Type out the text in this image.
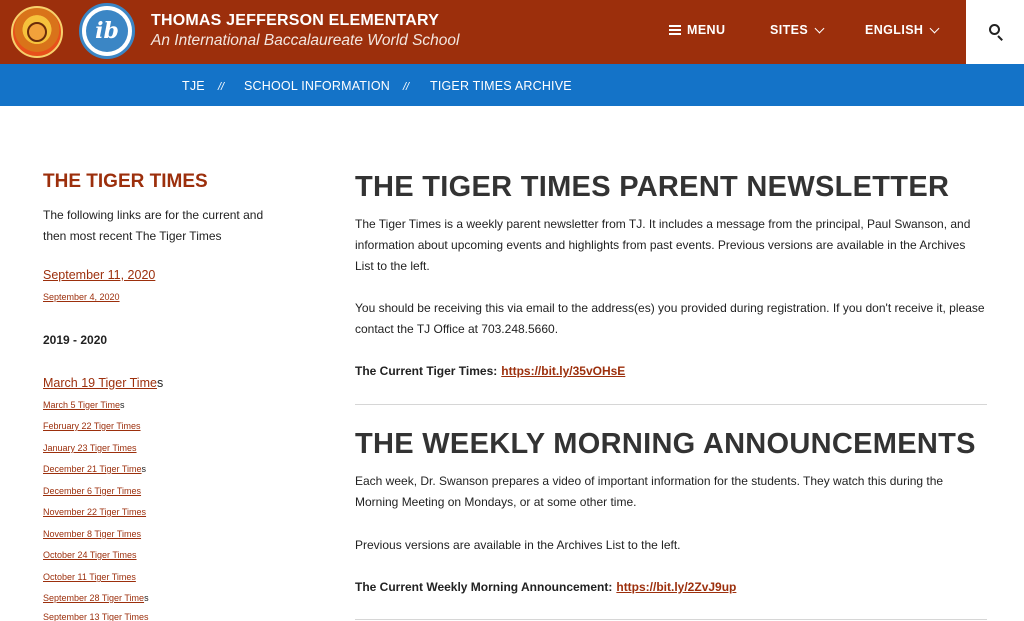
ib	THOMAS JEFFERSON ELEMENTARY
An International Baccalaureate World School
MENU	SITES	ENGLISH
TJE // SCHOOL INFORMATION // TIGER TIMES ARCHIVE
THE TIGER TIMES
The following links are for the current and then most recent The Tiger Times
September 11, 2020
September 4, 2020
2019 - 2020
March 19 Tiger Times
March 5 Tiger Times
February 22 Tiger Times
January 23 Tiger Times
December 21 Tiger Times
December 6 Tiger Times
November 22 Tiger Times
November 8 Tiger Times
October 24 Tiger Times
October 11 Tiger Times
September 28 Tiger Times
September 13 Tiger Times
THE TIGER TIMES PARENT NEWSLETTER
The Tiger Times is a weekly parent newsletter from TJ. It includes a message from the principal, Paul Swanson, and information about upcoming events and highlights from past events. Previous versions are available in the Archives List to the left.
You should be receiving this via email to the address(es) you provided during registration. If you don't receive it, please contact the TJ Office at 703.248.5660.
The Current Tiger Times: https://bit.ly/35vOHsE
THE WEEKLY MORNING ANNOUNCEMENTS
Each week, Dr. Swanson prepares a video of important information for the students. They watch this during the Morning Meeting on Mondays, or at some other time.
Previous versions are available in the Archives List to the left.
The Current Weekly Morning Announcement: https://bit.ly/2ZvJ9up
